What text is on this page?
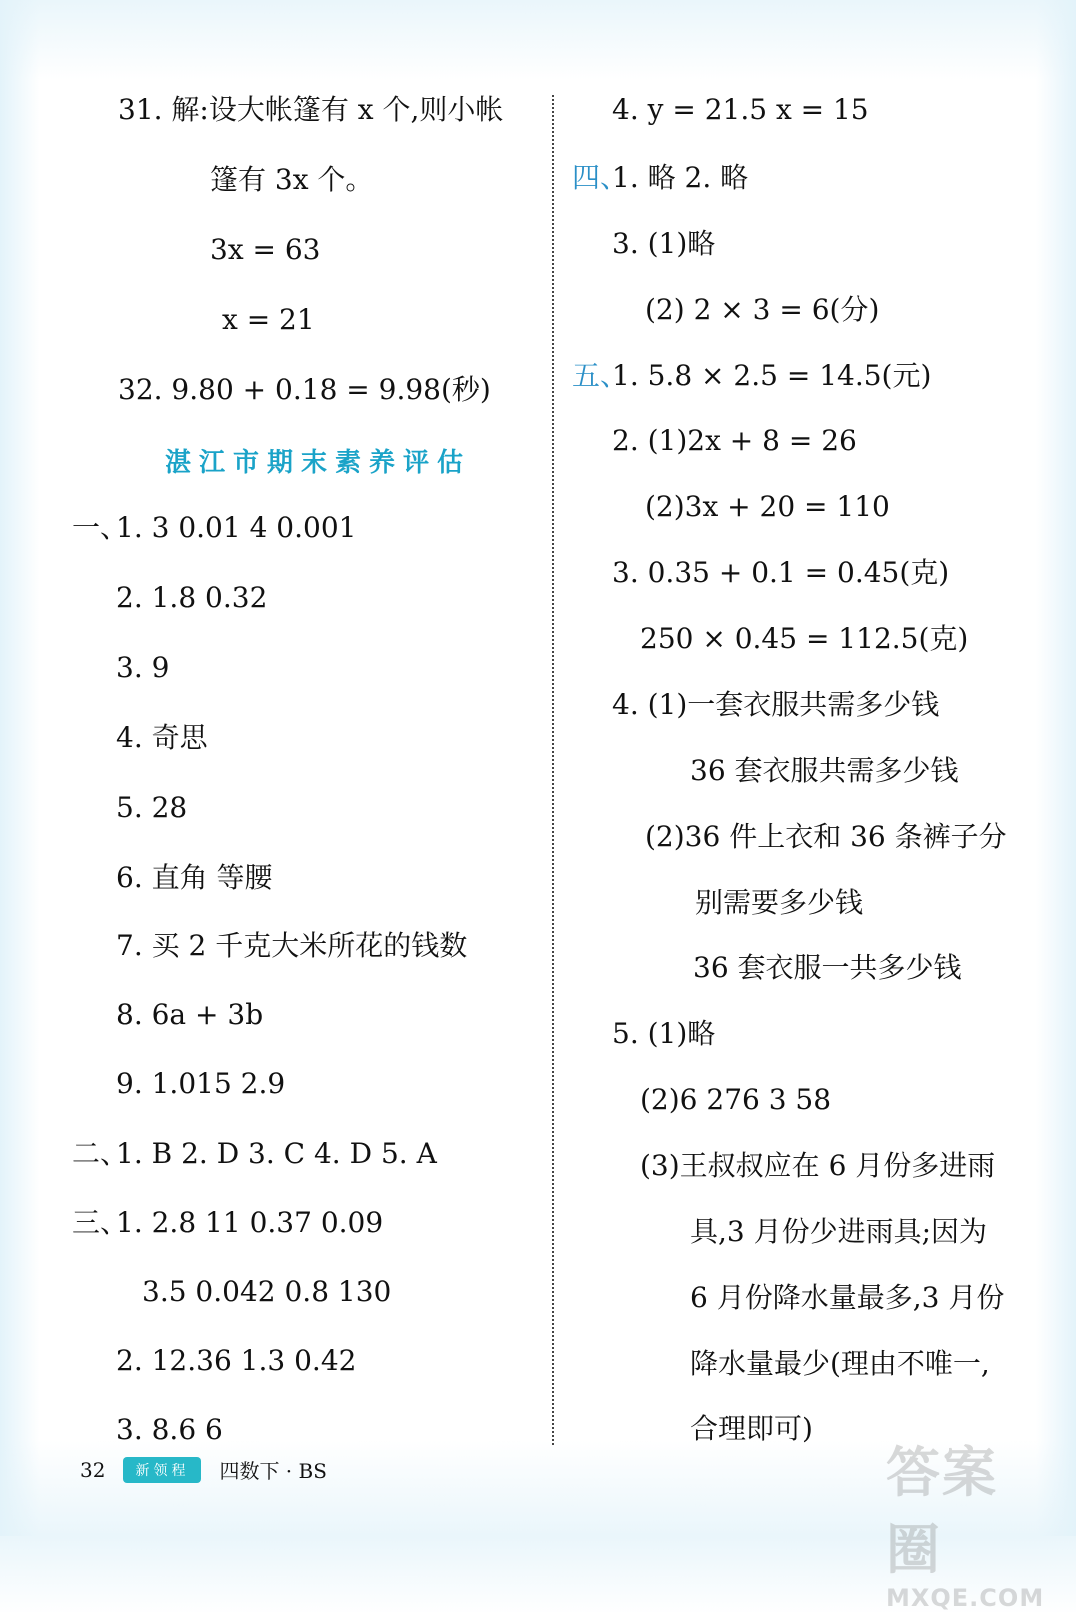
31. 解:设大帐篷有 x 个,则小帐
篷有 3x 个。
3x = 63
x = 21
32. 9.80 + 0.18 = 9.98(秒)
湛江市期末素养评估
一、
1. 3 0.01 4 0.001
2. 1.8 0.32
3. 9
4. 奇思
5. 28
6. 直角 等腰
7. 买 2 千克大米所花的钱数
8. 6a + 3b
9. 1.015 2.9
二、
1. B 2. D 3. C 4. D 5. A
三、
1. 2.8 11 0.37 0.09
3.5 0.042 0.8 130
2. 12.36 1.3 0.42
3. 8.6 6
4. y = 21.5 x = 15
四、
1. 略 2. 略
3. (1)略
(2) 2 × 3 = 6(分)
五、
1. 5.8 × 2.5 = 14.5(元)
2. (1)2x + 8 = 26
(2)3x + 20 = 110
3. 0.35 + 0.1 = 0.45(克)
250 × 0.45 = 112.5(克)
4. (1)一套衣服共需多少钱
36 套衣服共需多少钱
(2)36 件上衣和 36 条裤子分
别需要多少钱
36 套衣服一共多少钱
5. (1)略
(2)6 276 3 58
(3)王叔叔应在 6 月份多进雨
具,3 月份少进雨具;因为
6 月份降水量最多,3 月份
降水量最少(理由不唯一,
合理即可)
32	新领程	四数下 · BS	答案圈
MXQE.COM
